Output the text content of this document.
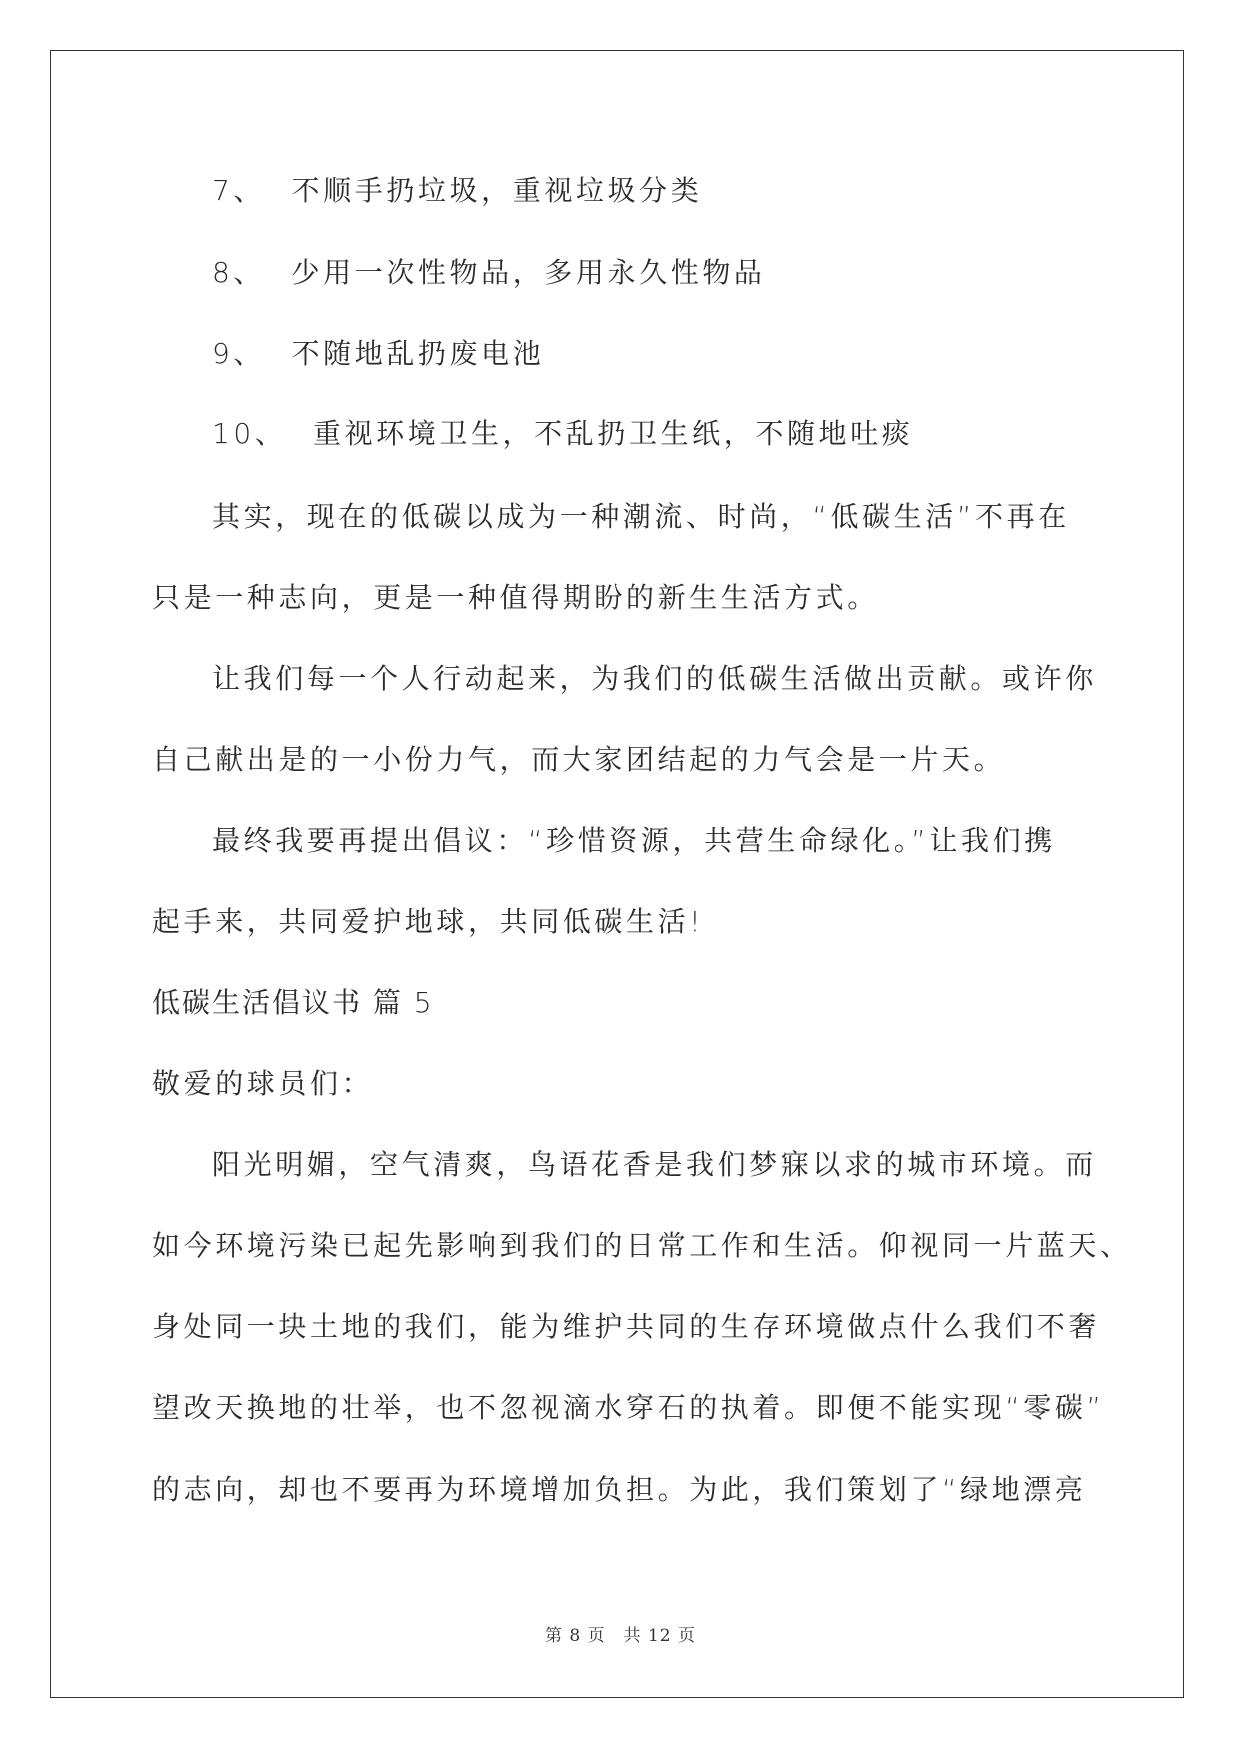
7、 不顺手扔垃圾，重视垃圾分类
8、 少用一次性物品，多用永久性物品
9、 不随地乱扔废电池
10、 重视环境卫生，不乱扔卫生纸，不随地吐痰
其实，现在的低碳以成为一种潮流、时尚，“低碳生活”不再在
只是一种志向，更是一种值得期盼的新生生活方式。
让我们每一个人行动起来，为我们的低碳生活做出贡献。或许你
自己献出是的一小份力气，而大家团结起的力气会是一片天。
最终我要再提出倡议：“珍惜资源，共营生命绿化。”让我们携
起手来，共同爱护地球，共同低碳生活!
低碳生活倡议书 篇 5
敬爱的球员们：
阳光明媚，空气清爽，鸟语花香是我们梦寐以求的城市环境。而
如今环境污染已起先影响到我们的日常工作和生活。仰视同一片蓝天、
身处同一块土地的我们，能为维护共同的生存环境做点什么我们不奢
望改天换地的壮举，也不忽视滴水穿石的执着。即便不能实现“零碳”
的志向，却也不要再为环境增加负担。为此，我们策划了“绿地漂亮
第 8 页　共 12 页
